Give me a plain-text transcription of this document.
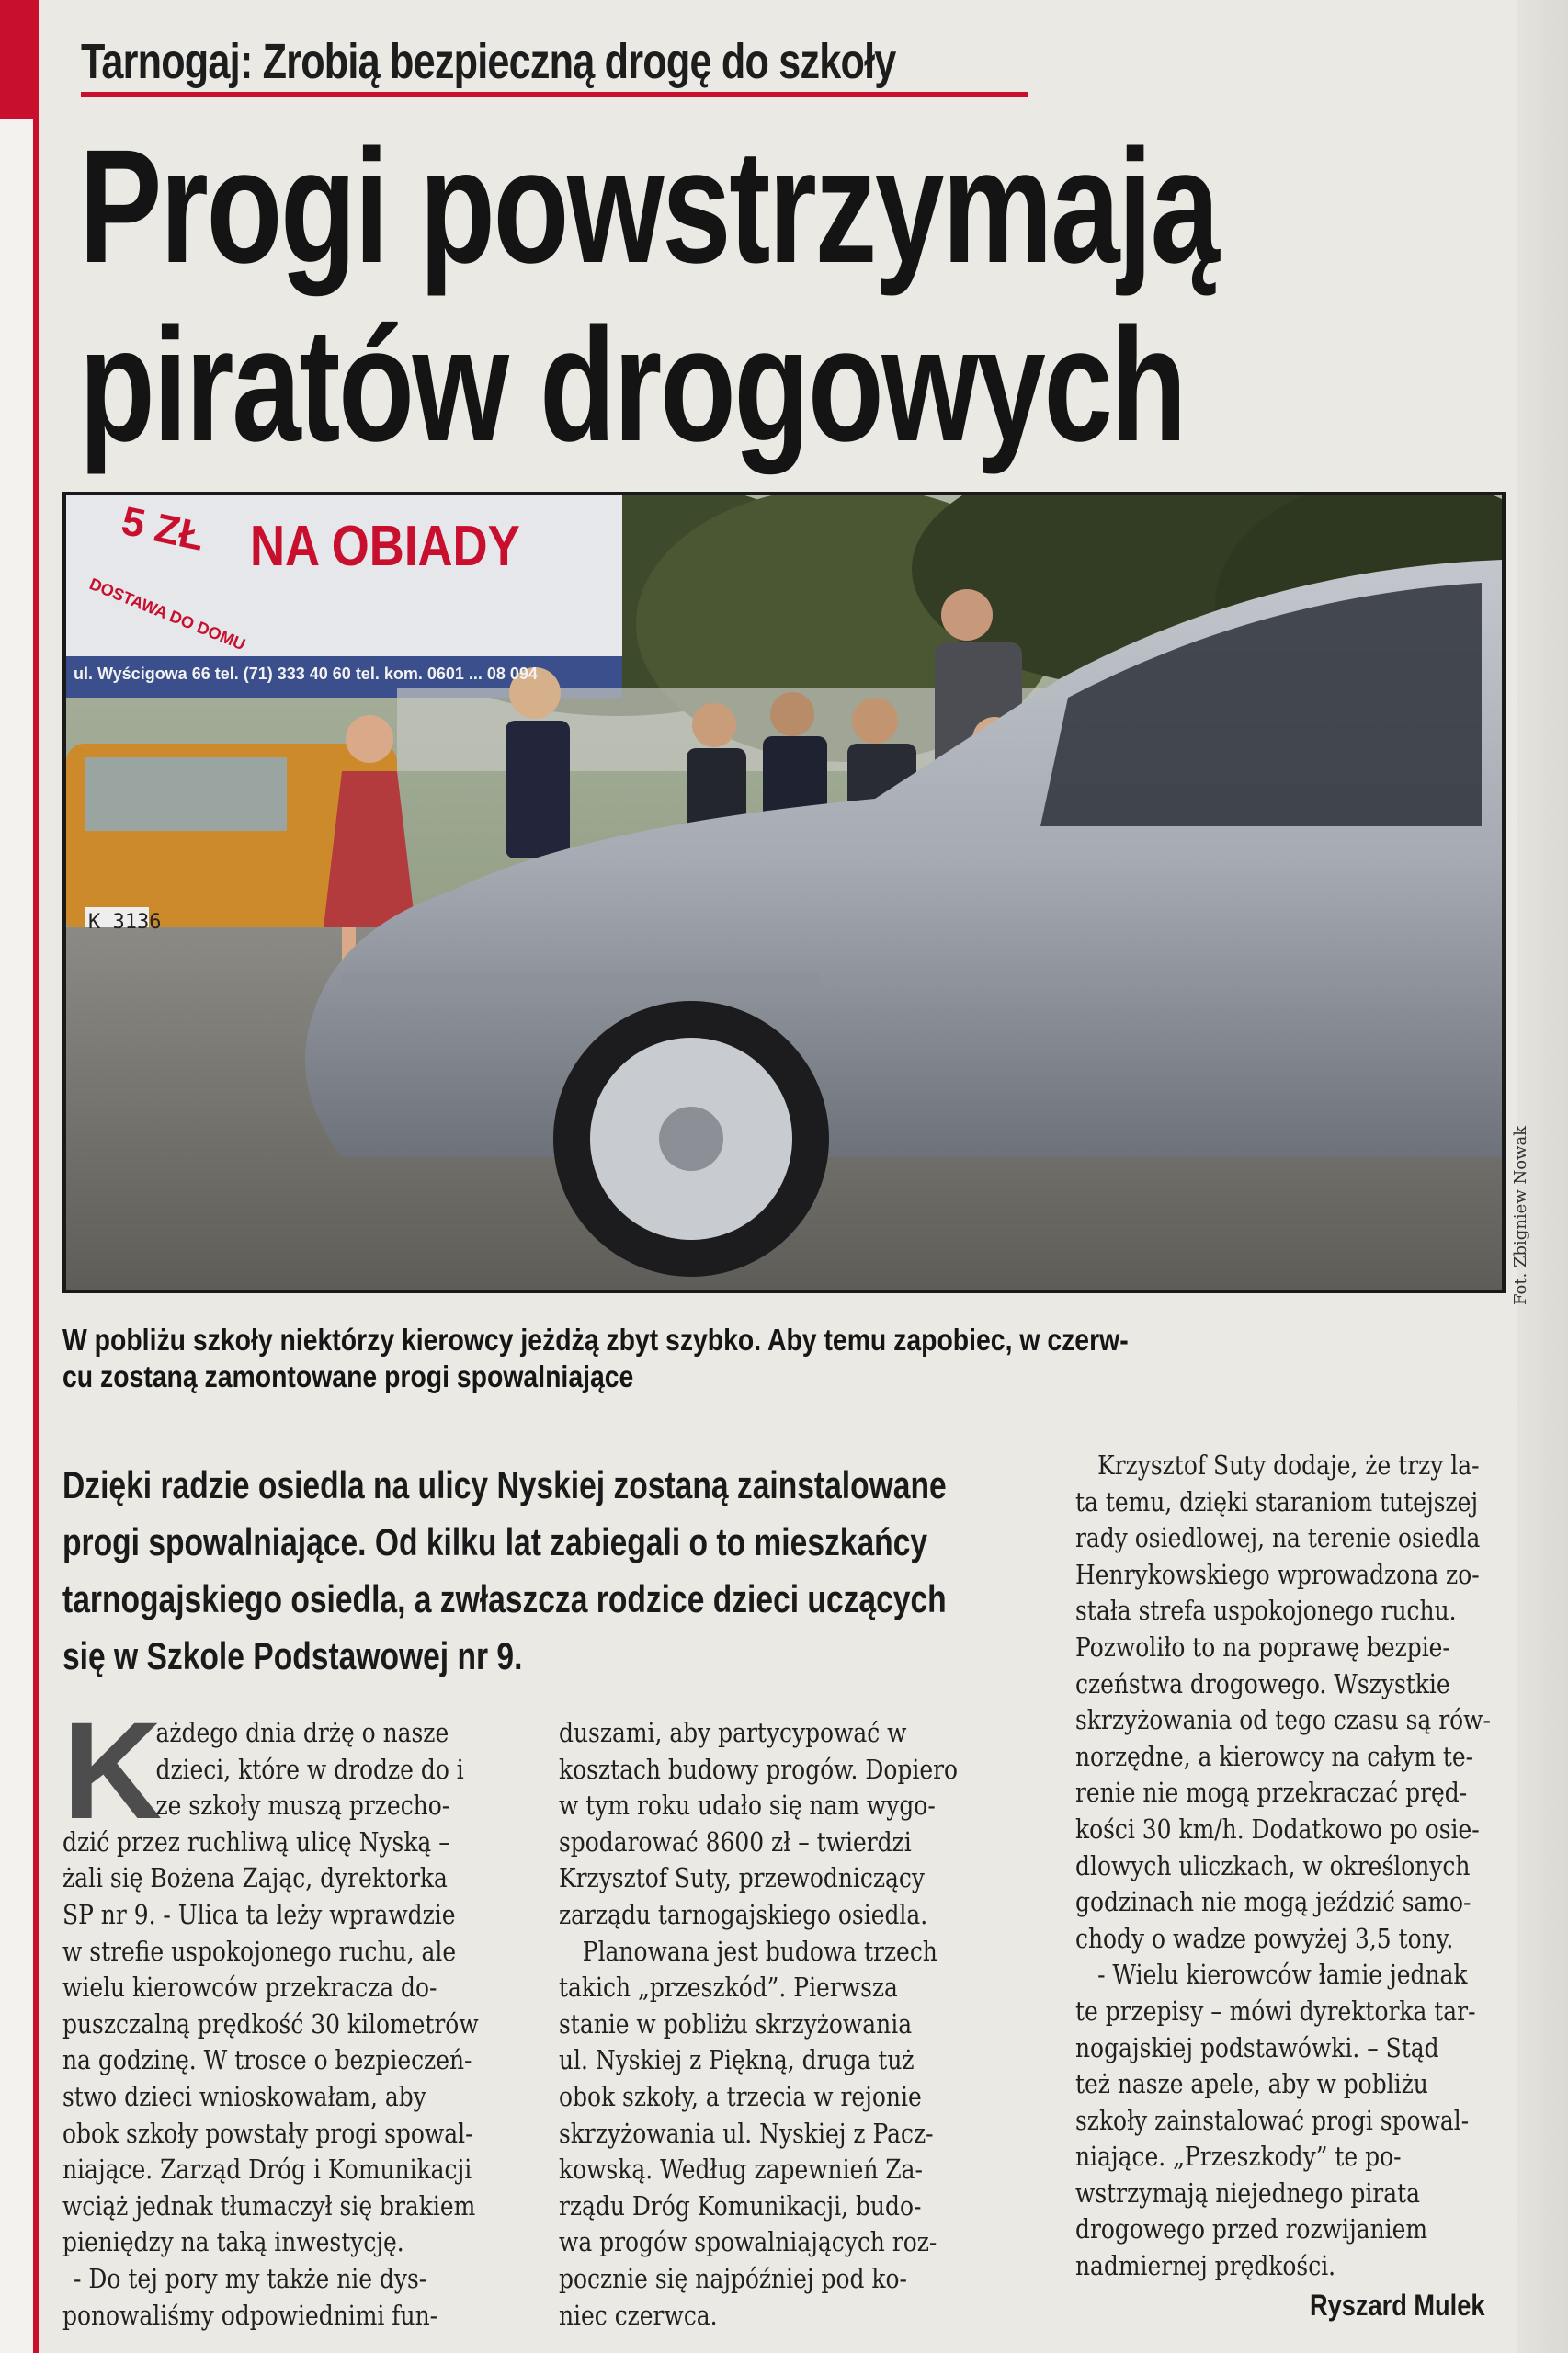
Tarnogaj: Zrobią bezpieczną drogę do szkoły
Progi powstrzymają
piratów drogowych
NA OBIADY
5 ZŁ
DOSTAWA DO DOMU
ul. Wyścigowa 66 tel. (71) 333 40 60 tel. kom. 0601 ... 08 094
K 3136
Fot. Zbigniew Nowak
W pobliżu szkoły niektórzy kierowcy jeżdżą zbyt szybko. Aby temu zapobiec, w czerw-
cu zostaną zamontowane progi spowalniające
Dzięki radzie osiedla na ulicy Nyskiej zostaną zainstalowane
progi spowalniające. Od kilku lat zabiegali o to mieszkańcy
tarnogajskiego osiedla, a zwłaszcza rodzice dzieci uczących
się w Szkole Podstawowej nr 9.
K
ażdego dnia drżę o nasze
dzieci, które w drodze do i
ze szkoły muszą przecho-
dzić przez ruchliwą ulicę Nyską –
żali się Bożena Zając, dyrektorka
SP nr 9. - Ulica ta leży wprawdzie
w strefie uspokojonego ruchu, ale
wielu kierowców przekracza do-
puszczalną prędkość 30 kilometrów
na godzinę. W trosce o bezpieczeń-
stwo dzieci wnioskowałam, aby
obok szkoły powstały progi spowal-
niające. Zarząd Dróg i Komunikacji
wciąż jednak tłumaczył się brakiem
pieniędzy na taką inwestycję.
- Do tej pory my także nie dys-
ponowaliśmy odpowiednimi fun-
duszami, aby partycypować w
kosztach budowy progów. Dopiero
w tym roku udało się nam wygo-
spodarować 8600 zł – twierdzi
Krzysztof Suty, przewodniczący
zarządu tarnogajskiego osiedla.
Planowana jest budowa trzech
takich „przeszkód”. Pierwsza
stanie w pobliżu skrzyżowania
ul. Nyskiej z Piękną, druga tuż
obok szkoły, a trzecia w rejonie
skrzyżowania ul. Nyskiej z Pacz-
kowską. Według zapewnień Za-
rządu Dróg Komunikacji, budo-
wa progów spowalniających roz-
pocznie się najpóźniej pod ko-
niec czerwca.
Krzysztof Suty dodaje, że trzy la-
ta temu, dzięki staraniom tutejszej
rady osiedlowej, na terenie osiedla
Henrykowskiego wprowadzona zo-
stała strefa uspokojonego ruchu.
Pozwoliło to na poprawę bezpie-
czeństwa drogowego. Wszystkie
skrzyżowania od tego czasu są rów-
norzędne, a kierowcy na całym te-
renie nie mogą przekraczać pręd-
kości 30 km/h. Dodatkowo po osie-
dlowych uliczkach, w określonych
godzinach nie mogą jeździć samo-
chody o wadze powyżej 3,5 tony.
- Wielu kierowców łamie jednak
te przepisy – mówi dyrektorka tar-
nogajskiej podstawówki. – Stąd
też nasze apele, aby w pobliżu
szkoły zainstalować progi spowal-
niające. „Przeszkody” te po-
wstrzymają niejednego pirata
drogowego przed rozwijaniem
nadmiernej prędkości.
Ryszard Mulek
